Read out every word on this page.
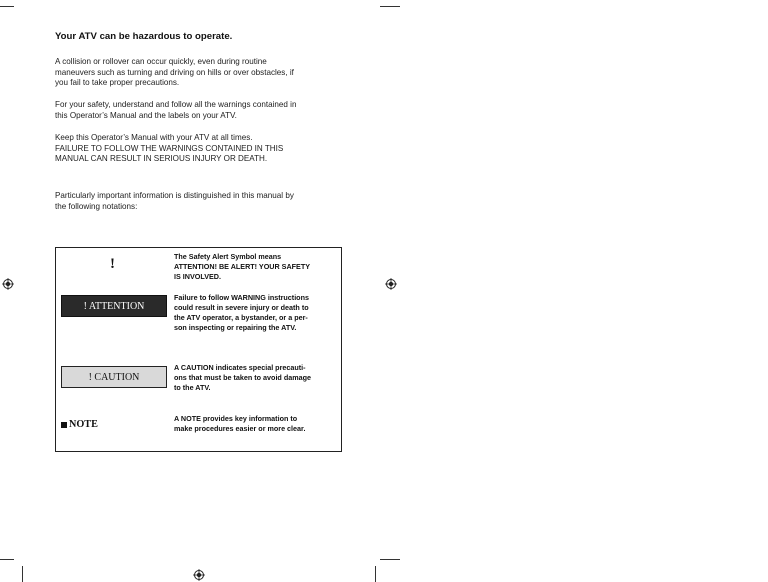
Your ATV can be hazardous to operate.
A collision or rollover can occur quickly, even during routine
maneuvers such as turning and driving on hills or over obstacles, if
you fail to take proper precautions.
For your safety, understand and follow all the warnings contained in
this Operator’s Manual and the labels on your ATV.
Keep this Operator’s Manual with your ATV at all times.
FAILURE TO FOLLOW THE WARNINGS CONTAINED IN THIS
MANUAL CAN RESULT IN SERIOUS INJURY OR DEATH.
Particularly important information is distinguished in this manual by
the following notations:
!
! ATTENTION
! CAUTION
NOTE
The Safety Alert Symbol means
ATTENTION! BE ALERT! YOUR SAFETY
IS INVOLVED.
Failure to follow WARNING instructions
could result in severe injury or death to
the ATV operator, a bystander, or a per-
son inspecting or repairing the ATV.
A CAUTION indicates special precauti-
ons that must be taken to avoid damage
to the ATV.
A NOTE provides key information to
make procedures easier or more clear.
